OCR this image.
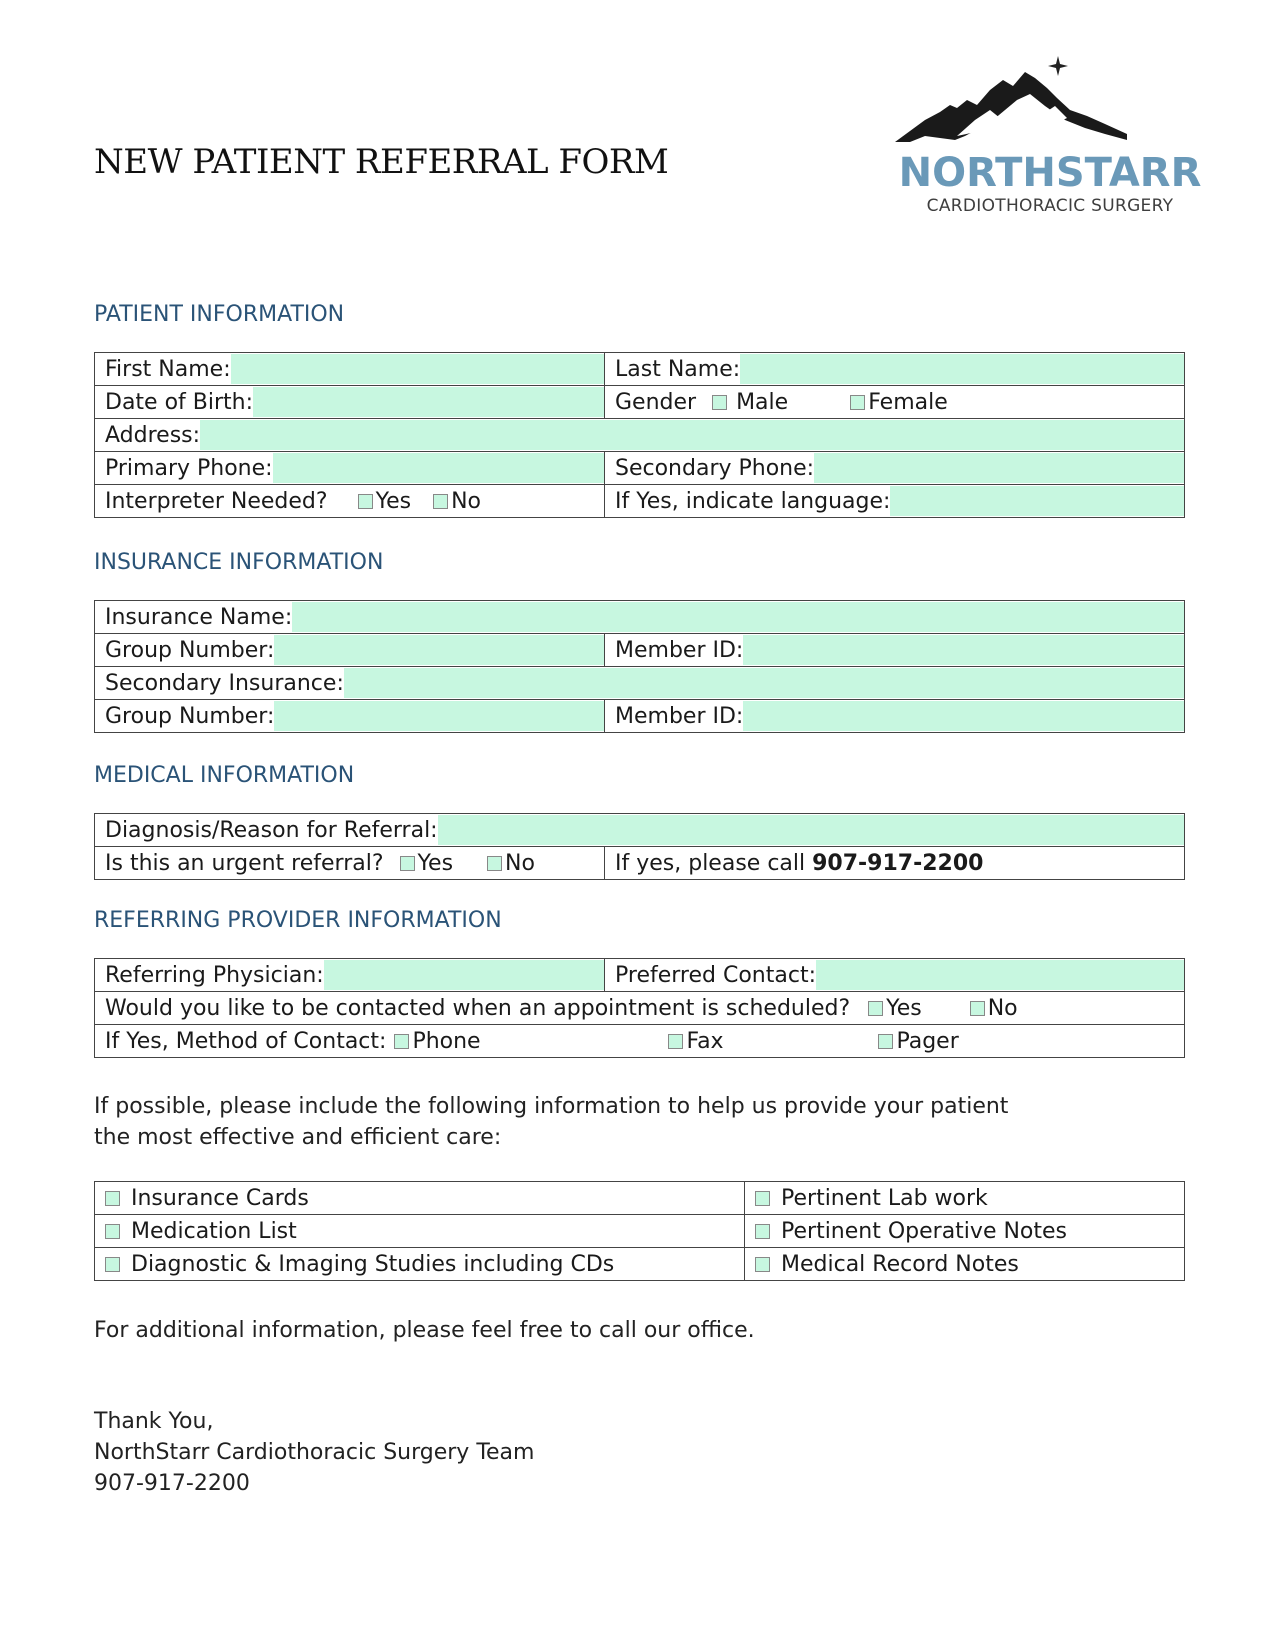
NEW PATIENT REFERRAL FORM	NORTHSTARR
CARDIOTHORACIC SURGERY
PATIENT INFORMATION
First Name:	Last Name:

Date of Birth:	Gender Male Female

Address:	

Primary Phone:	Secondary Phone:

Interpreter Needed? Yes No	If Yes, indicate language:
INSURANCE INFORMATION
Insurance Name:	

Group Number:	Member ID:

Secondary Insurance:	

Group Number:	Member ID:
MEDICAL INFORMATION
Diagnosis/Reason for Referral:

Is this an urgent referral? Yes No	If yes, please call 907-917-2200
REFERRING PROVIDER INFORMATION
Referring Physician:	Preferred Contact:

Would you like to be contacted when an appointment is scheduled? Yes	No

If Yes, Method of Contact: Phone	Fax	Pager

If possible, please include the following information to help us provide your patient
the most effective and efficient care:

Insurance Cards	Pertinent Lab work

Medication List	Pertinent Operative Notes

Diagnostic & Imaging Studies including CDs	Medical Record Notes

For additional information, please feel free to call our office.

Thank You,
NorthStarr Cardiothoracic Surgery Team
907-917-2200
